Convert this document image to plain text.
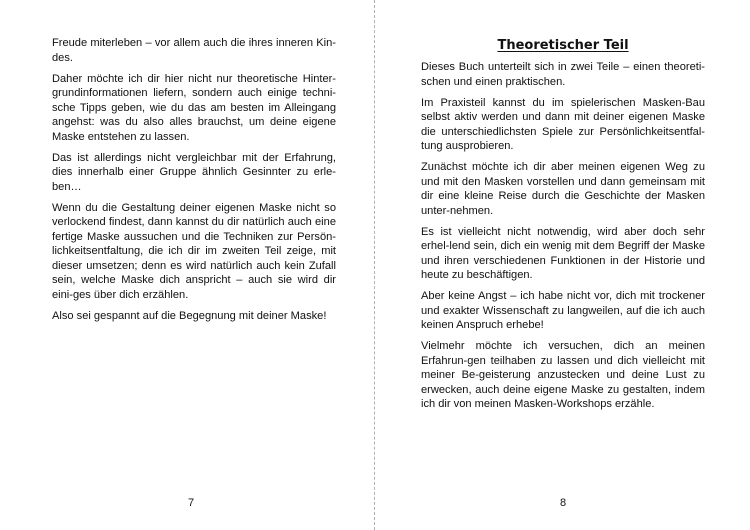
Freude miterleben – vor allem auch die ihres inneren Kin-des.

Daher möchte ich dir hier nicht nur theoretische Hinter-grundinformationen liefern, sondern auch einige techni-sche Tipps geben, wie du das am besten im Alleingang angehst: was du also alles brauchst, um deine eigene Maske entstehen zu lassen.

Das ist allerdings nicht vergleichbar mit der Erfahrung, dies innerhalb einer Gruppe ähnlich Gesinnter zu erle-ben…

Wenn du die Gestaltung deiner eigenen Maske nicht so verlockend findest, dann kannst du dir natürlich auch eine fertige Maske aussuchen und die Techniken zur Persön-lichkeitsentfaltung, die ich dir im zweiten Teil zeige, mit dieser umsetzen; denn es wird natürlich auch kein Zufall sein, welche Maske dich anspricht – auch sie wird dir eini-ges über dich erzählen.

Also sei gespannt auf die Begegnung mit deiner Maske!

7
Theoretischer Teil

Dieses Buch unterteilt sich in zwei Teile – einen theoreti-schen und einen praktischen.

Im Praxisteil kannst du im spielerischen Masken-Bau selbst aktiv werden und dann mit deiner eigenen Maske die unterschiedlichsten Spiele zur Persönlichkeitsentfal-tung ausprobieren.

Zunächst möchte ich dir aber meinen eigenen Weg zu und mit den Masken vorstellen und dann gemeinsam mit dir eine kleine Reise durch die Geschichte der Masken unter-nehmen.

Es ist vielleicht nicht notwendig, wird aber doch sehr erhel-lend sein, dich ein wenig mit dem Begriff der Maske und ihren verschiedenen Funktionen in der Historie und heute zu beschäftigen.

Aber keine Angst – ich habe nicht vor, dich mit trockener und exakter Wissenschaft zu langweilen, auf die ich auch keinen Anspruch erhebe!

Vielmehr möchte ich versuchen, dich an meinen Erfahrun-gen teilhaben zu lassen und dich vielleicht mit meiner Be-geisterung anzustecken und deine Lust zu erwecken, auch deine eigene Maske zu gestalten, indem ich dir von meinen Masken-Workshops erzähle.

8
